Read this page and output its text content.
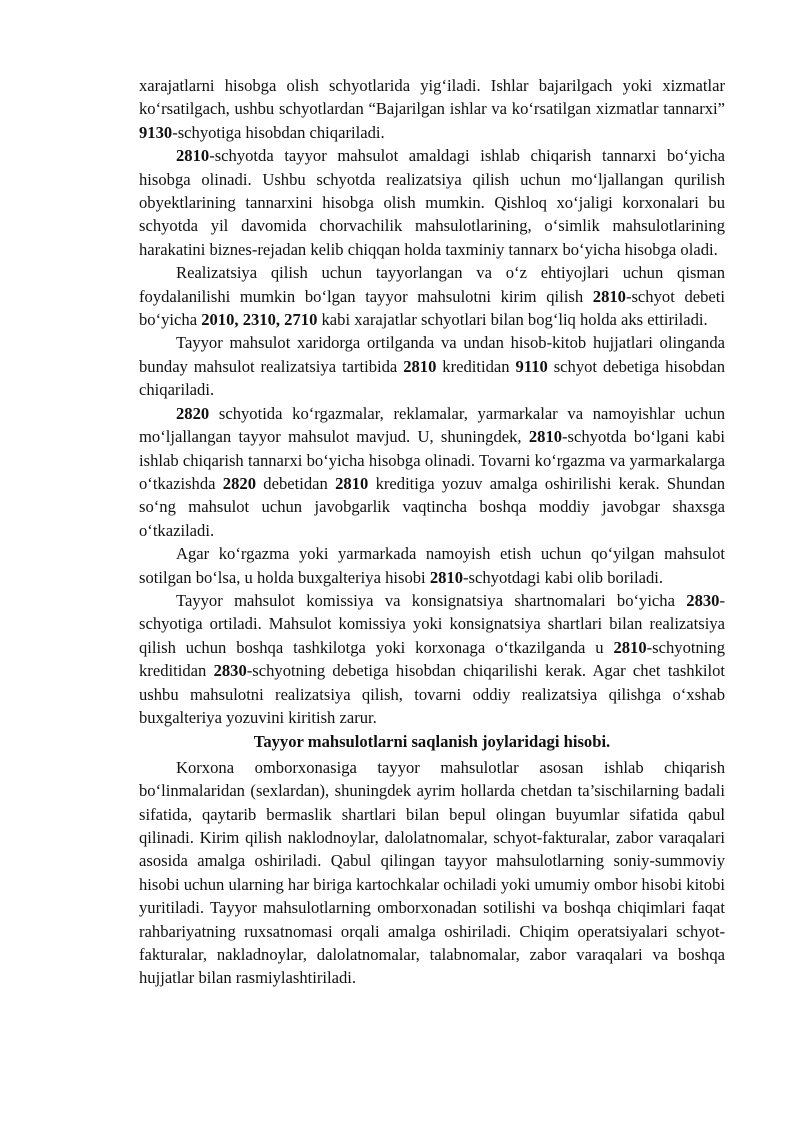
xarajatlarni hisobga olish schyotlarida yig‘iladi. Ishlar bajarilgach yoki xizmatlar ko‘rsatilgach, ushbu schyotlardan “Bajarilgan ishlar va ko‘rsatilgan xizmatlar tannarxi” 9130-schyotiga hisobdan chiqariladi.

2810-schyotda tayyor mahsulot amaldagi ishlab chiqarish tannarxi bo‘yicha hisobga olinadi. Ushbu schyotda realizatsiya qilish uchun mo‘ljallangan qurilish obyektlarining tannarxini hisobga olish mumkin. Qishloq xo‘jaligi korxonalari bu schyotda yil davomida chorvachilik mahsulotlarining, o‘simlik mahsulotlarining harakatini biznes-rejadan kelib chiqqan holda taxminiy tannarx bo‘yicha hisobga oladi.

Realizatsiya qilish uchun tayyorlangan va o‘z ehtiyojlari uchun qisman foydalanilishi mumkin bo‘lgan tayyor mahsulotni kirim qilish 2810-schyot debeti bo‘yicha 2010, 2310, 2710 kabi xarajatlar schyotlari bilan bog‘liq holda aks ettiriladi.

Tayyor mahsulot xaridorga ortilganda va undan hisob-kitob hujjatlari olinganda bunday mahsulot realizatsiya tartibida 2810 kreditidan 9110 schyot debetiga hisobdan chiqariladi.

2820 schyotida ko‘rgazmalar, reklamalar, yarmarkalar va namoyishlar uchun mo‘ljallangan tayyor mahsulot mavjud. U, shuningdek, 2810-schyotda bo‘lgani kabi ishlab chiqarish tannarxi bo‘yicha hisobga olinadi. Tovarni ko‘rgazma va yarmarkalarga o‘tkazishda 2820 debetidan 2810 kreditiga yozuv amalga oshirilishi kerak. Shundan so‘ng mahsulot uchun javobgarlik vaqtincha boshqa moddiy javobgar shaxsga o‘tkaziladi.

Agar ko‘rgazma yoki yarmarkada namoyish etish uchun qo‘yilgan mahsulot sotilgan bo‘lsa, u holda buxgalteriya hisobi 2810-schyotdagi kabi olib boriladi.

Tayyor mahsulot komissiya va konsignatsiya shartnomalari bo‘yicha 2830-schyotiga ortiladi. Mahsulot komissiya yoki konsignatsiya shartlari bilan realizatsiya qilish uchun boshqa tashkilotga yoki korxonaga o‘tkazilganda u 2810-schyotning kreditidan 2830-schyotning debetiga hisobdan chiqarilishi kerak. Agar chet tashkilot ushbu mahsulotni realizatsiya qilish, tovarni oddiy realizatsiya qilishga o‘xshab buxgalteriya yozuvini kiritish zarur.

Tayyor mahsulotlarni saqlanish joylaridagi hisobi.

Korxona omborxonasiga tayyor mahsulotlar asosan ishlab chiqarish bo‘linmalaridan (sexlardan), shuningdek ayrim hollarda chetdan ta’sischilarning badali sifatida, qaytarib bermaslik shartlari bilan bepul olingan buyumlar sifatida qabul qilinadi. Kirim qilish naklodnoylar, dalolatnomalar, schyot-fakturalar, zabor varaqalari asosida amalga oshiriladi. Qabul qilingan tayyor mahsulotlarning soniy-summoviy hisobi uchun ularning har biriga kartochkalar ochiladi yoki umumiy ombor hisobi kitobi yuritiladi. Tayyor mahsulotlarning omborxonadan sotilishi va boshqa chiqimlari faqat rahbariyatning ruxsatnomasi orqali amalga oshiriladi. Chiqim operatsiyalari schyot-fakturalar, nakladnoylar, dalolatnomalar, talabnomalar, zabor varaqalari va boshqa hujjatlar bilan rasmiylashtiriladi.
